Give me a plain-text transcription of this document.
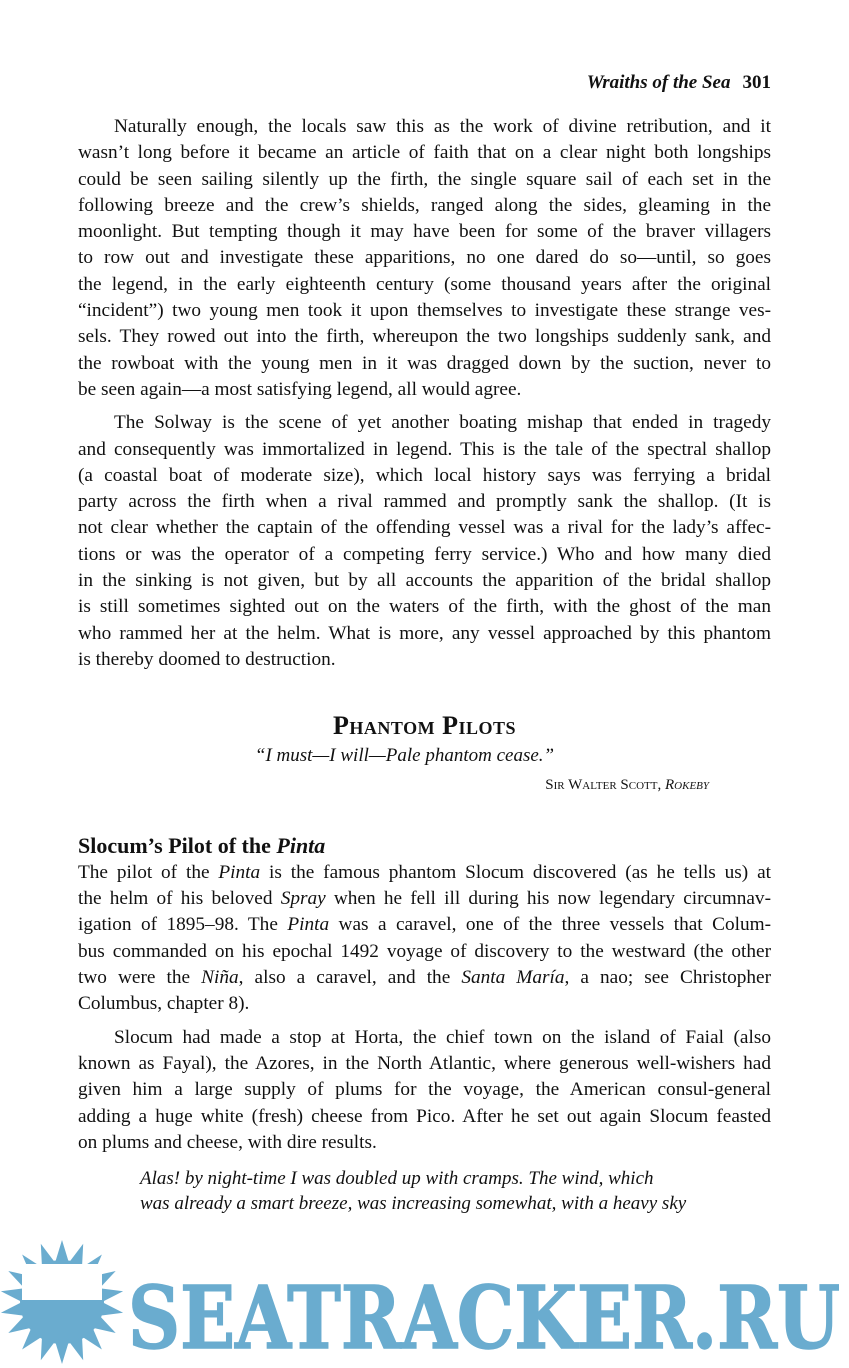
Wraiths of the Sea 301
Naturally enough, the locals saw this as the work of divine retribution, and it
wasn’t long before it became an article of faith that on a clear night both longships
could be seen sailing silently up the firth, the single square sail of each set in the
following breeze and the crew’s shields, ranged along the sides, gleaming in the
moonlight. But tempting though it may have been for some of the braver villagers
to row out and investigate these apparitions, no one dared do so—until, so goes
the legend, in the early eighteenth century (some thousand years after the original
“incident”) two young men took it upon themselves to investigate these strange ves-
sels. They rowed out into the firth, whereupon the two longships suddenly sank, and
the rowboat with the young men in it was dragged down by the suction, never to
be seen again—a most satisfying legend, all would agree.
The Solway is the scene of yet another boating mishap that ended in tragedy
and consequently was immortalized in legend. This is the tale of the spectral shallop
(a coastal boat of moderate size), which local history says was ferrying a bridal
party across the firth when a rival rammed and promptly sank the shallop. (It is
not clear whether the captain of the offending vessel was a rival for the lady’s affec-
tions or was the operator of a competing ferry service.) Who and how many died
in the sinking is not given, but by all accounts the apparition of the bridal shallop
is still sometimes sighted out on the waters of the firth, with the ghost of the man
who rammed her at the helm. What is more, any vessel approached by this phantom
is thereby doomed to destruction.
Phantom Pilots
“I must—I will—Pale phantom cease.”
Sir Walter Scott, Rokeby
Slocum’s Pilot of the Pinta
The pilot of the Pinta is the famous phantom Slocum discovered (as he tells us) at
the helm of his beloved Spray when he fell ill during his now legendary circumnav-
igation of 1895–98. The Pinta was a caravel, one of the three vessels that Colum-
bus commanded on his epochal 1492 voyage of discovery to the westward (the other
two were the Niña, also a caravel, and the Santa María, a nao; see Christopher
Columbus, chapter 8).
Slocum had made a stop at Horta, the chief town on the island of Faial (also
known as Fayal), the Azores, in the North Atlantic, where generous well-wishers had
given him a large supply of plums for the voyage, the American consul-general
adding a huge white (fresh) cheese from Pico. After he set out again Slocum feasted
on plums and cheese, with dire results.
Alas! by night-time I was doubled up with cramps. The wind, which
was already a smart breeze, was increasing somewhat, with a heavy sky
SEATRACKER.RU
